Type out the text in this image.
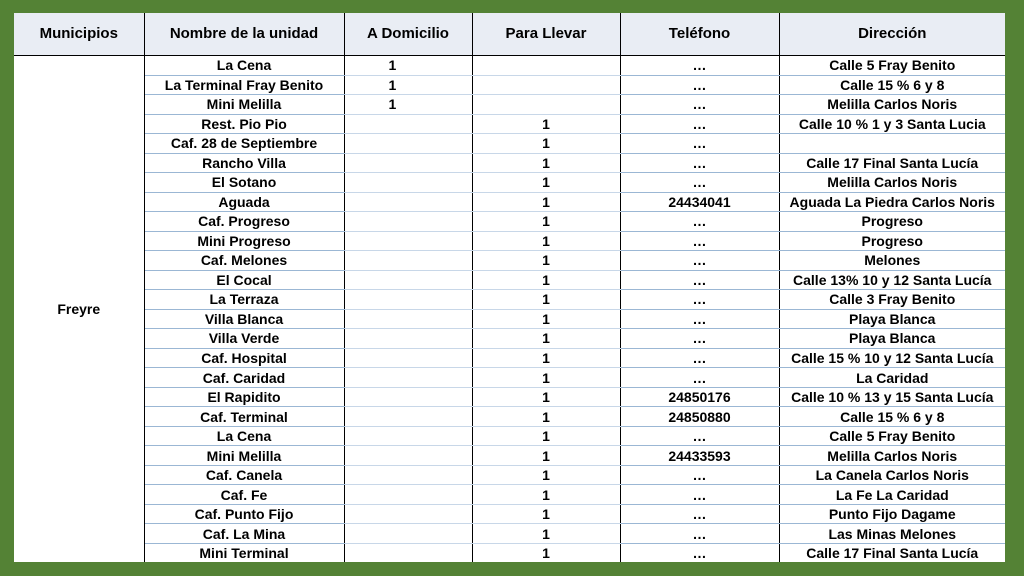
Municipios	Nombre de la unidad	A Domicilio	Para Llevar	Teléfono	Dirección
Freyre	La Cena	1		…	Calle 5 Fray Benito
	La Terminal Fray Benito	1		…	Calle 15 % 6 y 8
	Mini Melilla	1		…	Melilla Carlos Noris
	Rest. Pio Pio		1	…	Calle 10 % 1 y 3 Santa Lucia
	Caf. 28 de Septiembre		1	…	
	Rancho Villa		1	…	Calle 17 Final Santa Lucía
	El Sotano		1	…	Melilla Carlos Noris
	Aguada		1	24434041	Aguada La Piedra Carlos Noris
	Caf. Progreso		1	…	Progreso
	Mini Progreso		1	…	Progreso
	Caf. Melones		1	…	Melones
	El Cocal		1	…	Calle 13% 10 y 12 Santa Lucía
	La Terraza		1	…	Calle 3 Fray Benito
	Villa Blanca		1	…	Playa Blanca
	Villa Verde		1	…	Playa Blanca
	Caf. Hospital		1	…	Calle 15 % 10 y 12 Santa Lucía
	Caf. Caridad		1	…	La Caridad
	El Rapidito		1	24850176	Calle 10 % 13 y 15 Santa Lucía
	Caf. Terminal		1	24850880	Calle 15 % 6 y 8
	La Cena		1	…	Calle 5 Fray Benito
	Mini Melilla		1	24433593	Melilla Carlos Noris
	Caf. Canela		1	…	La Canela Carlos Noris
	Caf. Fe		1	…	La Fe La Caridad
	Caf. Punto Fijo		1	…	Punto Fijo Dagame
	Caf. La Mina		1	…	Las Minas Melones
	Mini Terminal		1	…	Calle 17 Final Santa Lucía
